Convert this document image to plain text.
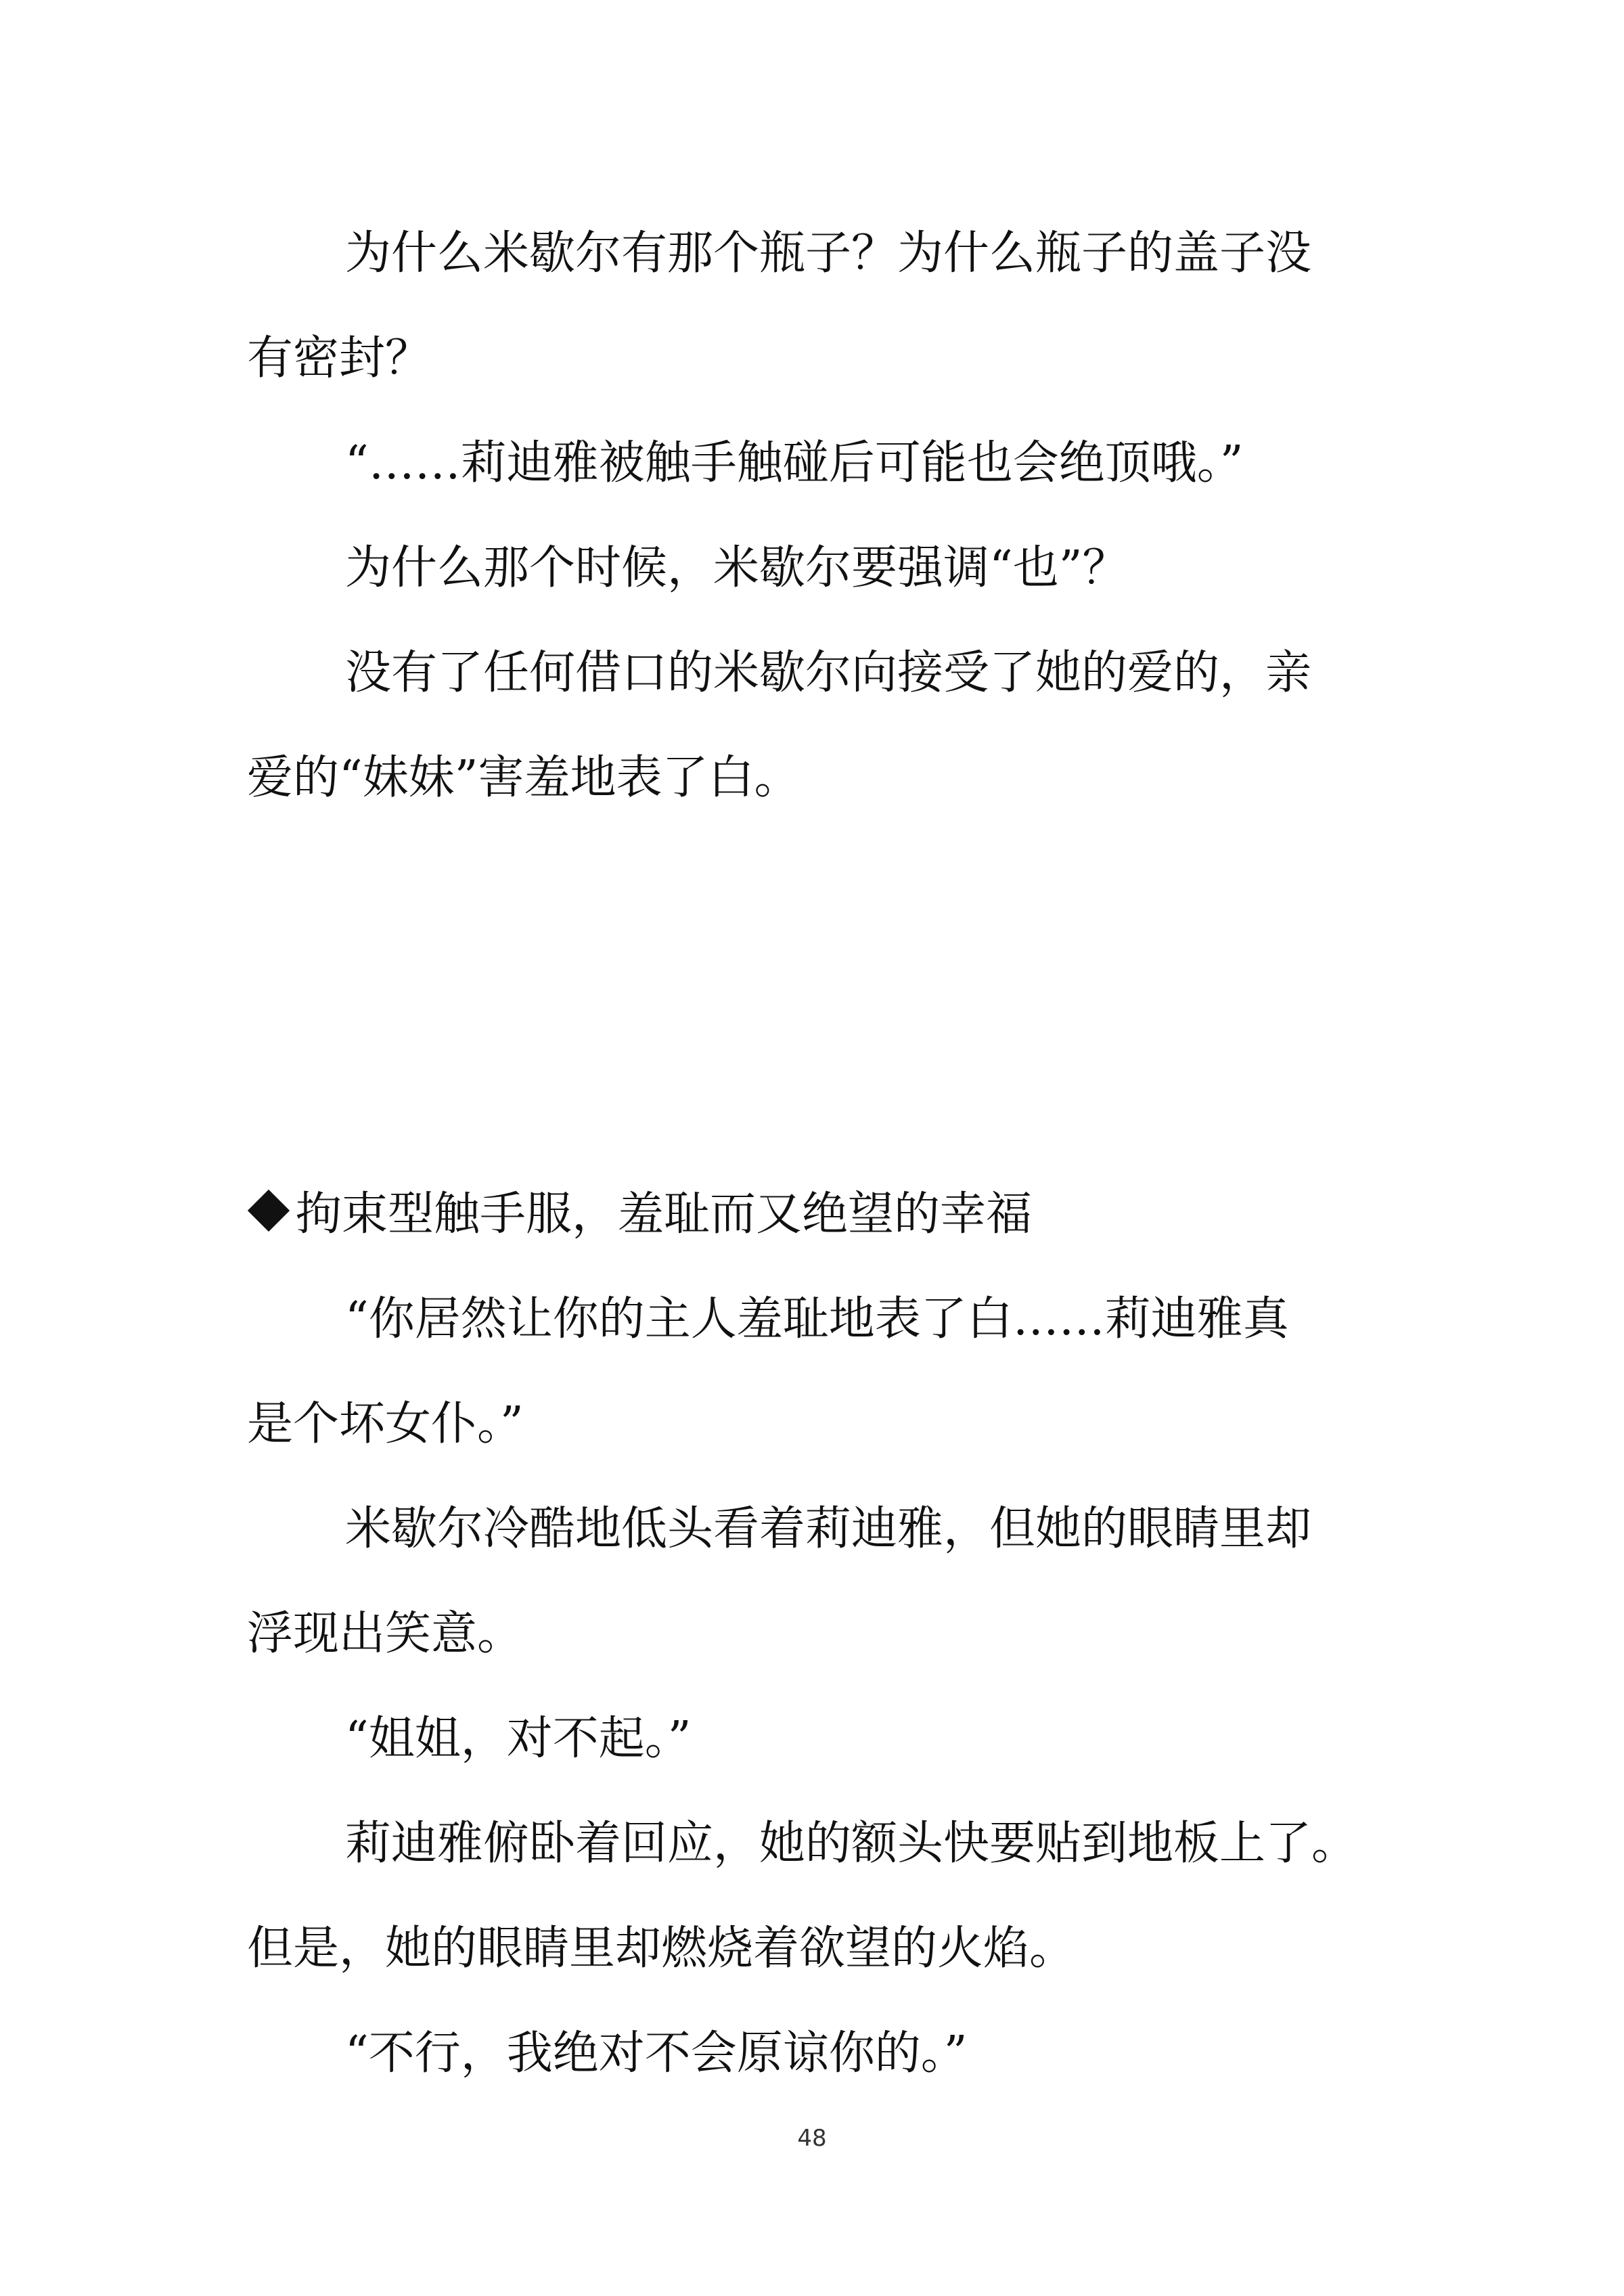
为什么米歇尔有那个瓶子？为什么瓶子的盖子没

有密封？

“……莉迪雅被触手触碰后可能也会绝顶哦。”

为什么那个时候，米歇尔要强调“也”？

没有了任何借口的米歇尔向接受了她的爱的，亲

爱的“妹妹”害羞地表了白。

拘束型触手服，羞耻而又绝望的幸福

“你居然让你的主人羞耻地表了白……莉迪雅真

是个坏女仆。”

米歇尔冷酷地低头看着莉迪雅，但她的眼睛里却

浮现出笑意。

“姐姐，对不起。”

莉迪雅俯卧着回应，她的额头快要贴到地板上了。

但是，她的眼睛里却燃烧着欲望的火焰。

“不行，我绝对不会原谅你的。”

48
